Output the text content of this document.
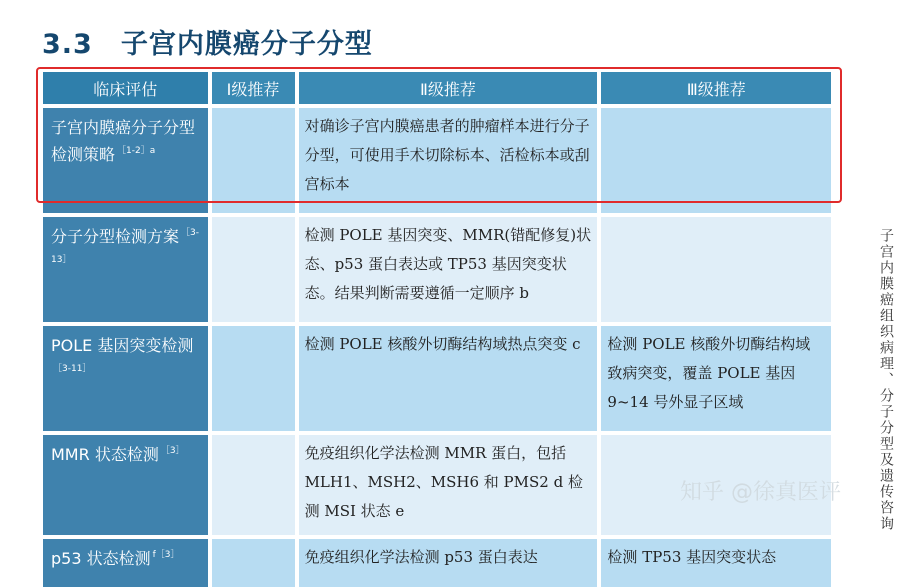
3.3 子宫内膜癌分子分型
临床评估	Ⅰ级推荐	Ⅱ级推荐	Ⅲ级推荐
子宫内膜癌分子分型检测策略 $^{[1-2]a}$		对确诊子宫内膜癌患者的肿瘤样本进行分子分型，可使用手术切除标本、活检标本或刮宫标本	

分子分型检测方案 $^{[3-13]}$		检测 POLE 基因突变、MMR(错配修复)状态、p53 蛋白表达或 TP53 基因突变状态。结果判断需要遵循一定顺序 b	

POLE 基因突变检测$^{[3-11]}$		检测 POLE 核酸外切酶结构域热点突变 c	检测 POLE 核酸外切酶结构域致病突变，覆盖 POLE 基因 9~14 号外显子区域

MMR 状态检测 $^{[3]}$		免疫组织化学法检测 MMR 蛋白，包括 MLH1、MSH2、MSH6 和 PMS2 d 检测 MSI 状态 e	

p53 状态检测 $^{f[3]}$		免疫组织化学法检测 p53 蛋白表达	检测 TP53 基因突变状态
子宫内膜癌组织病理、分子分型及遗传咨询
知乎 @徐真医评
